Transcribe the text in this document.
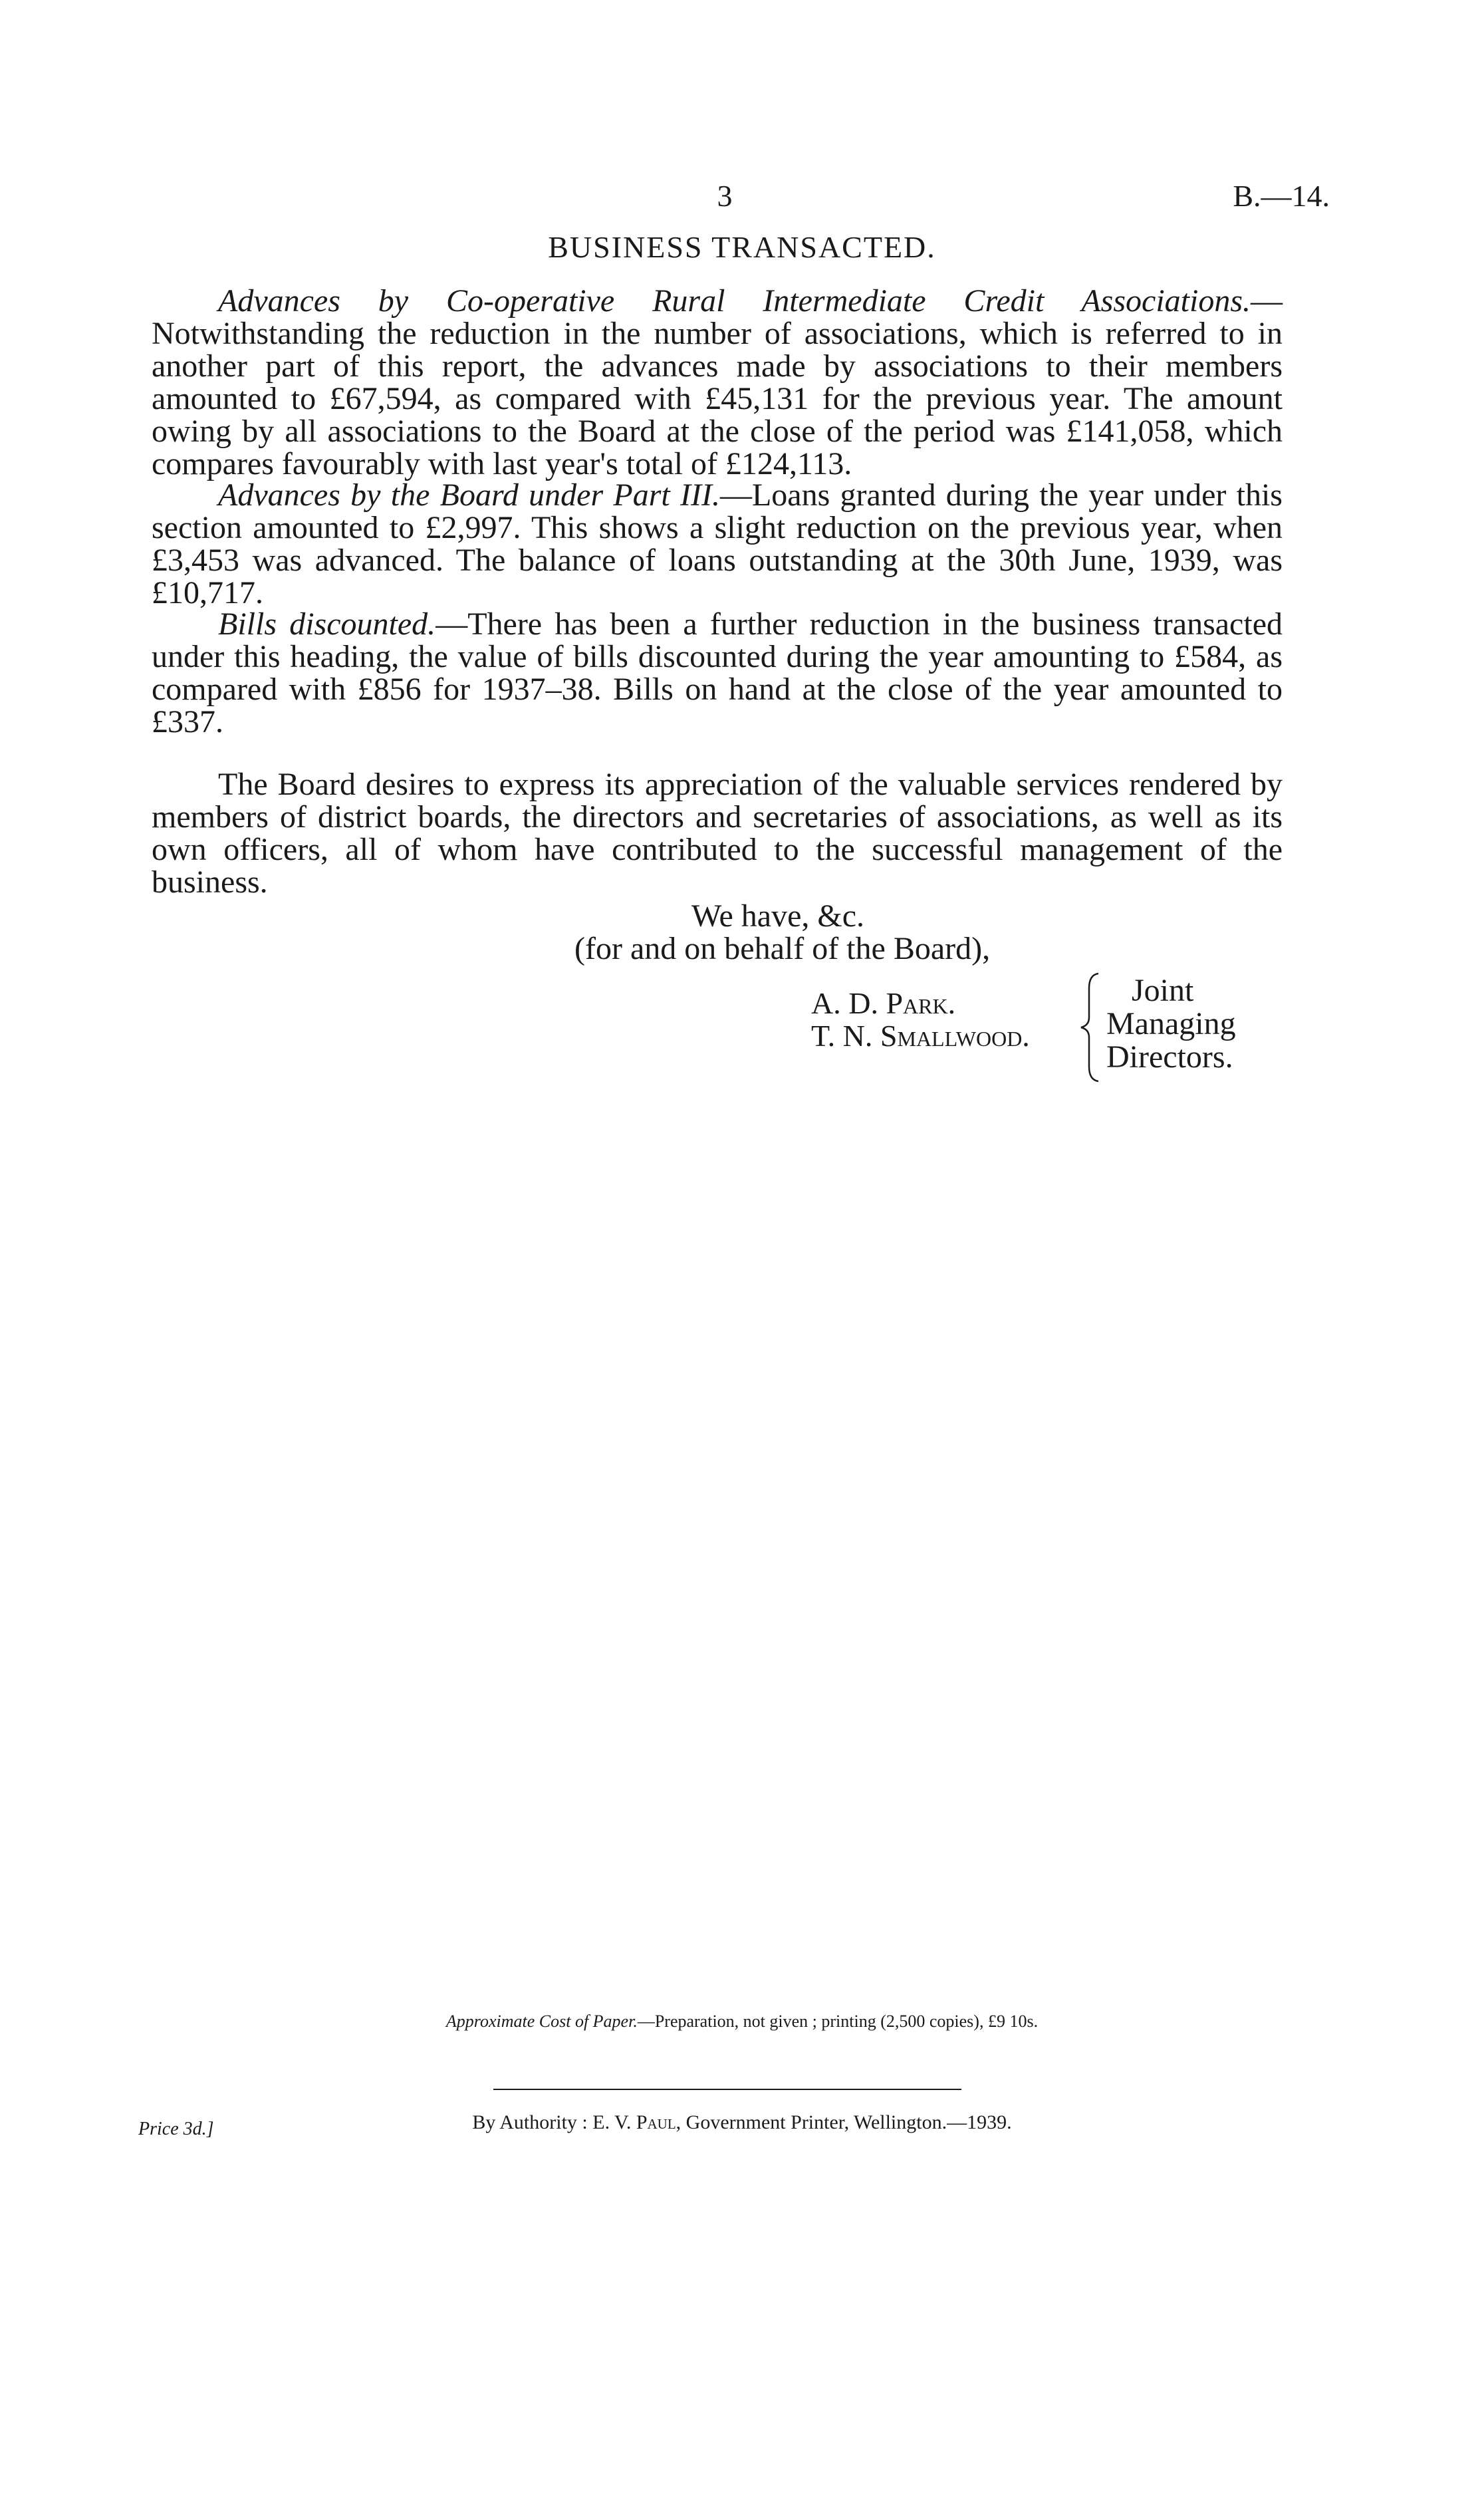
3	B.—14.
BUSINESS TRANSACTED.

Advances by Co-operative Rural Intermediate Credit Associations.—Notwithstanding the reduction in the number of associations, which is referred to in another part of this report, the advances made by associations to their members amounted to £67,594, as compared with £45,131 for the previous year. The amount owing by all associations to the Board at the close of the period was £141,058, which compares favourably with last year's total of £124,113.

Advances by the Board under Part III.—Loans granted during the year under this section amounted to £2,997. This shows a slight reduction on the previous year, when £3,453 was advanced. The balance of loans outstanding at the 30th June, 1939, was £10,717.

Bills discounted.—There has been a further reduction in the business transacted under this heading, the value of bills discounted during the year amounting to £584, as compared with £856 for 1937–38. Bills on hand at the close of the year amounted to £337.

The Board desires to express its appreciation of the valuable services rendered by members of district boards, the directors and secretaries of associations, as well as its own officers, all of whom have contributed to the successful management of the business.

We have, &c.
(for and on behalf of the Board),
A. D. Park.
T. N. Smallwood.
Joint
Managing
Directors.
Approximate Cost of Paper.—Preparation, not given ; printing (2,500 copies), £9 10s.
Price 3d.]	By Authority : E. V. Paul, Government Printer, Wellington.—1939.
